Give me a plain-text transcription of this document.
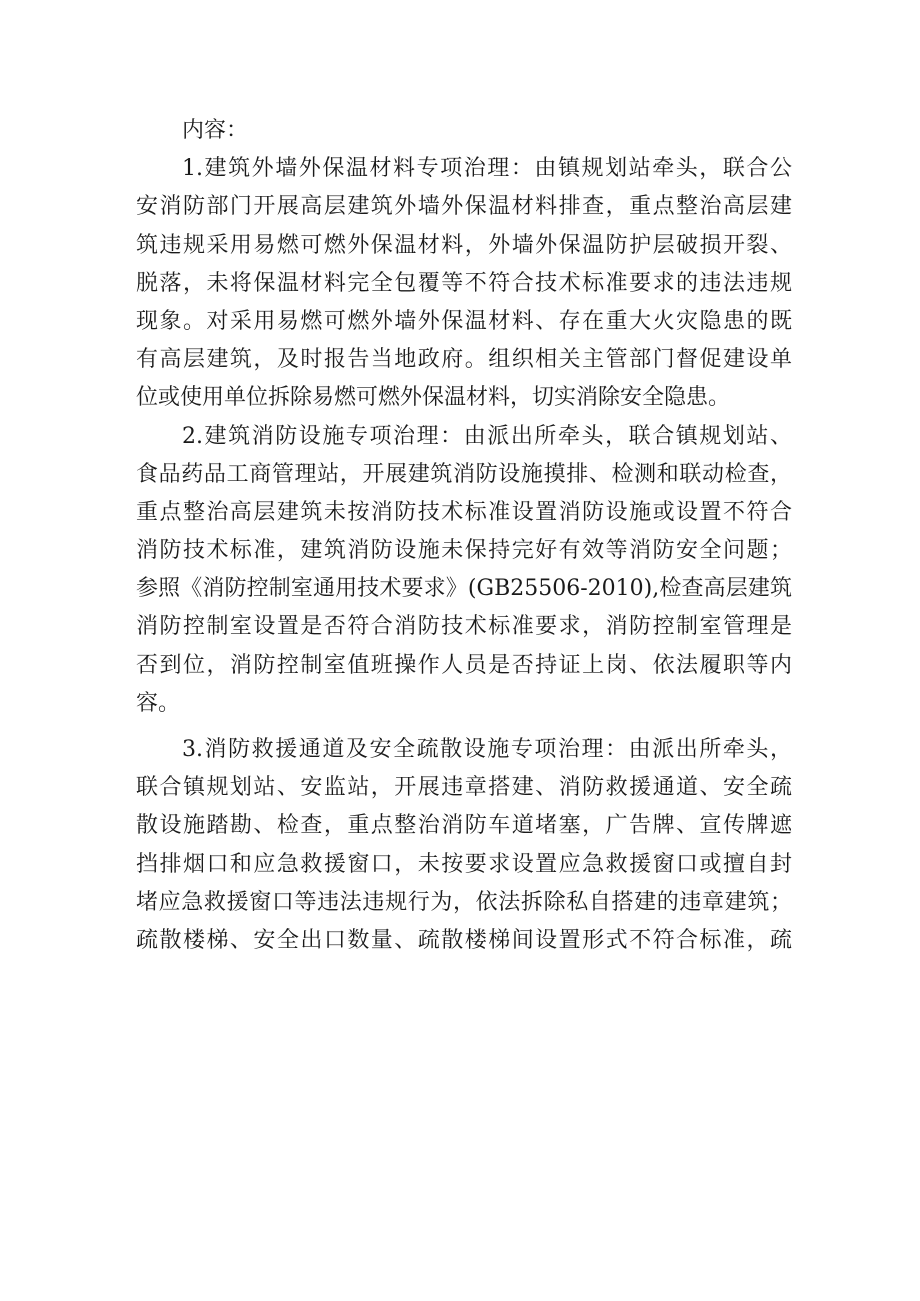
内容：
1.建筑外墙外保温材料专项治理：由镇规划站牵头，联合公
安消防部门开展高层建筑外墙外保温材料排查，重点整治高层建
筑违规采用易燃可燃外保温材料，外墙外保温防护层破损开裂、
脱落，未将保温材料完全包覆等不符合技术标准要求的违法违规
现象。对采用易燃可燃外墙外保温材料、存在重大火灾隐患的既
有高层建筑，及时报告当地政府。组织相关主管部门督促建设单
位或使用单位拆除易燃可燃外保温材料，切实消除安全隐患。
2.建筑消防设施专项治理：由派出所牵头，联合镇规划站、
食品药品工商管理站，开展建筑消防设施摸排、检测和联动检查，
重点整治高层建筑未按消防技术标准设置消防设施或设置不符合
消防技术标准，建筑消防设施未保持完好有效等消防安全问题；
参照《消防控制室通用技术要求》(GB25506-2010),检查高层建筑
消防控制室设置是否符合消防技术标准要求，消防控制室管理是
否到位，消防控制室值班操作人员是否持证上岗、依法履职等内
容。
3.消防救援通道及安全疏散设施专项治理：由派出所牵头，
联合镇规划站、安监站，开展违章搭建、消防救援通道、安全疏
散设施踏勘、检查，重点整治消防车道堵塞，广告牌、宣传牌遮
挡排烟口和应急救援窗口，未按要求设置应急救援窗口或擅自封
堵应急救援窗口等违法违规行为，依法拆除私自搭建的违章建筑；
疏散楼梯、安全出口数量、疏散楼梯间设置形式不符合标准，疏
